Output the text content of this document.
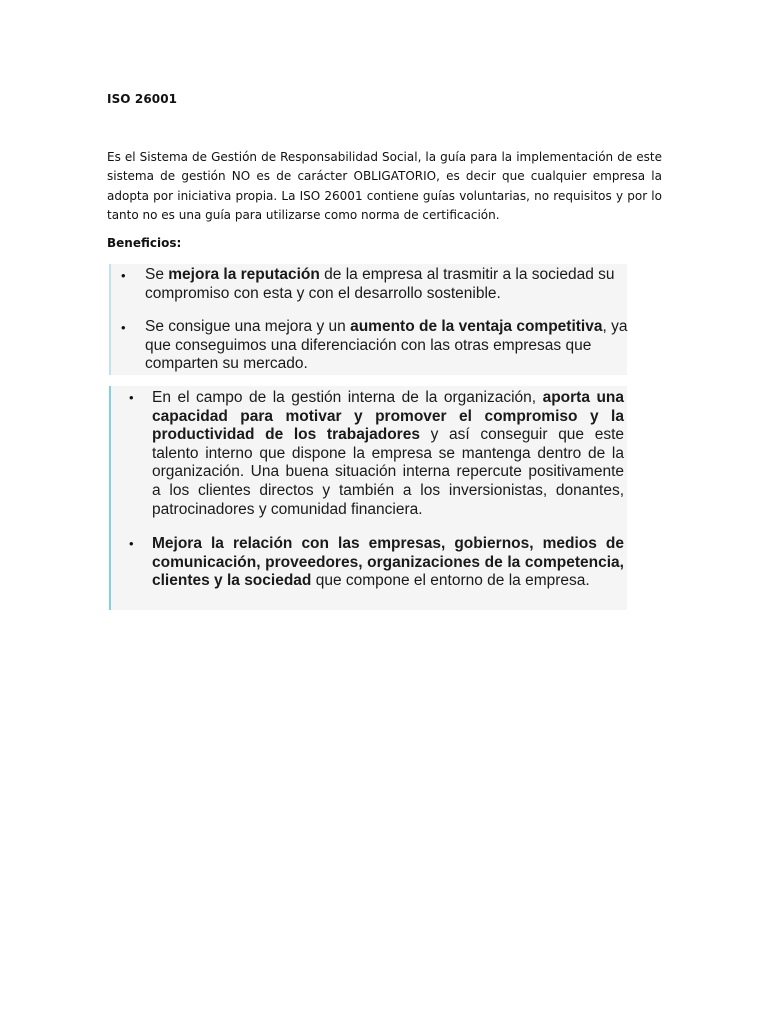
ISO 26001
Es el Sistema de Gestión de Responsabilidad Social, la guía para la implementación de este sistema de gestión NO es de carácter OBLIGATORIO, es decir que cualquier empresa la adopta por iniciativa propia. La ISO 26001 contiene guías voluntarias, no requisitos y por lo tanto no es una guía para utilizarse como norma de certificación.
Beneficios:
• Se mejora la reputación de la empresa al trasmitir a la sociedad su compromiso con esta y con el desarrollo sostenible.
• Se consigue una mejora y un aumento de la ventaja competitiva, ya que conseguimos una diferenciación con las otras empresas que comparten su mercado.
• En el campo de la gestión interna de la organización, aporta una capacidad para motivar y promover el compromiso y la productividad de los trabajadores y así conseguir que este talento interno que dispone la empresa se mantenga dentro de la organización. Una buena situación interna repercute positivamente a los clientes directos y también a los inversionistas, donantes, patrocinadores y comunidad financiera.
• Mejora la relación con las empresas, gobiernos, medios de comunicación, proveedores, organizaciones de la competencia, clientes y la sociedad que compone el entorno de la empresa.
